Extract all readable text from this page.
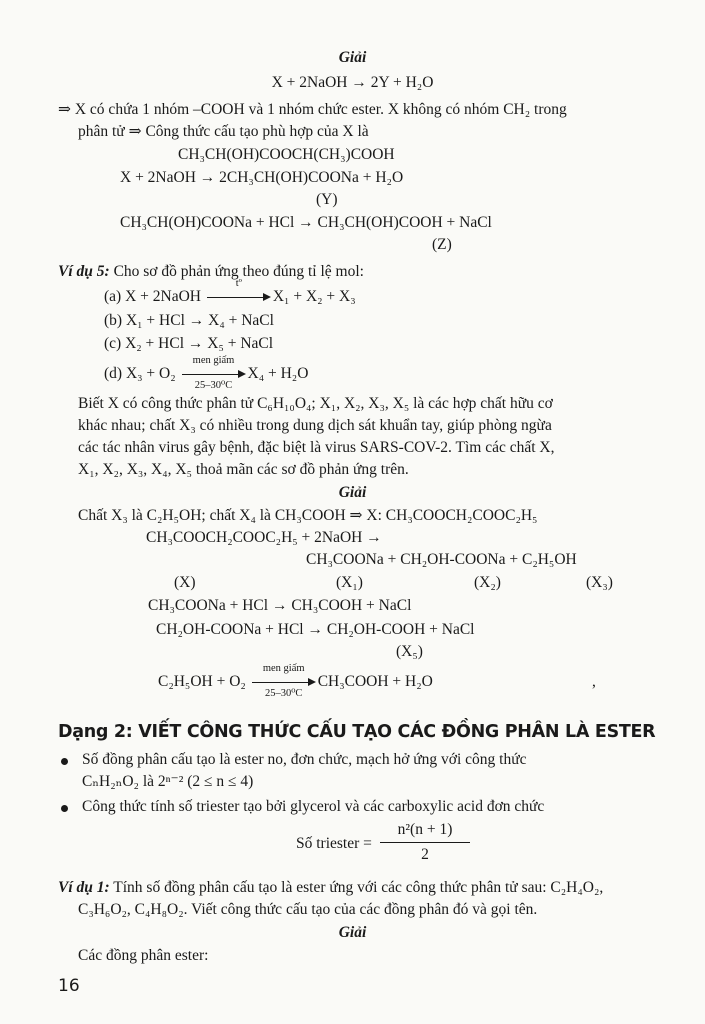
Giải
X + 2NaOH → 2Y + H₂O
⇒ X có chứa 1 nhóm –COOH và 1 nhóm chức ester. X không có nhóm CH₂ trong
phân tử ⇒ Công thức cấu tạo phù hợp của X là
CH₃CH(OH)COOCH(CH₃)COOH
X + 2NaOH → 2CH₃CH(OH)COONa + H₂O
(Y)
CH₃CH(OH)COONa + HCl → CH₃CH(OH)COOH + NaCl
(Z)
Ví dụ 5: Cho sơ đồ phản ứng theo đúng tỉ lệ mol:
(a) X + 2NaOH
tº
X₁ + X₂ + X₃
(b) X₁ + HCl → X₄ + NaCl
(c) X₂ + HCl → X₅ + NaCl
(d) X₃ + O₂
men giấm
25–30⁰C
X₄ + H₂O
Biết X có công thức phân tử C₆H₁₀O₄; X₁, X₂, X₃, X₅ là các hợp chất hữu cơ
khác nhau; chất X₃ có nhiều trong dung dịch sát khuẩn tay, giúp phòng ngừa
các tác nhân virus gây bệnh, đặc biệt là virus SARS-COV-2. Tìm các chất X,
X₁, X₂, X₃, X₄, X₅ thoả mãn các sơ đồ phản ứng trên.
Giải
Chất X₃ là C₂H₅OH; chất X₄ là CH₃COOH ⇒ X: CH₃COOCH₂COOC₂H₅
CH₃COOCH₂COOC₂H₅ + 2NaOH →
CH₃COONa + CH₂OH-COONa + C₂H₅OH
(X)	(X₁)	(X₂)	(X₃)
CH₃COONa + HCl → CH₃COOH + NaCl
CH₂OH-COONa + HCl → CH₂OH-COOH + NaCl
(X₅)
C₂H₅OH + O₂
men giấm
25–30⁰C
CH₃COOH + H₂O	,
Dạng 2: VIẾT CÔNG THỨC CẤU TẠO CÁC ĐỒNG PHÂN LÀ ESTER
Số đồng phân cấu tạo là ester no, đơn chức, mạch hở ứng với công thức
CₙH₂ₙO₂ là 2ⁿ⁻² (2 ≤ n ≤ 4)
Công thức tính số triester tạo bởi glycerol và các carboxylic acid đơn chức
Số triester =
n²(n + 1)
2
Ví dụ 1: Tính số đồng phân cấu tạo là ester ứng với các công thức phân tử sau: C₂H₄O₂,
C₃H₆O₂, C₄H₈O₂. Viết công thức cấu tạo của các đồng phân đó và gọi tên.
Giải
Các đồng phân ester:
16
